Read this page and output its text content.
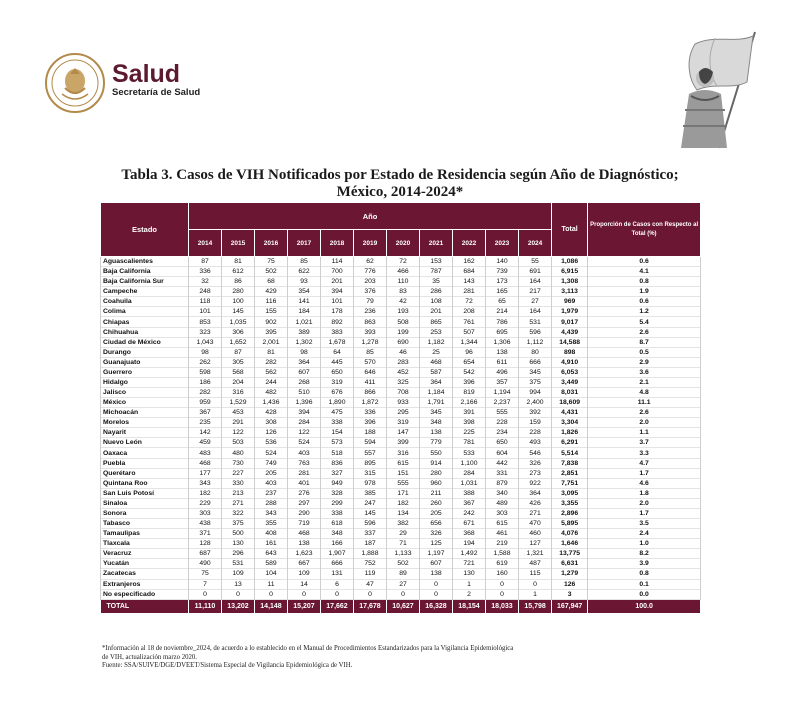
Salud
Secretaría de Salud
Tabla 3. Casos de VIH Notificados por Estado de Residencia según Año de Diagnóstico;
México, 2014-2024*
Estado	Año											Total	Proporción de Casos con Respecto al Total (%)
	2014	2015	2016	2017	2018	2019	2020	2021	2022	2023	2024		
Aguascalientes	87	81	75	85	114	62	72	153	162	140	55	1,086	0.6
Baja California	336	612	502	622	700	776	466	787	684	739	691	6,915	4.1
Baja California Sur	32	86	68	93	201	203	110	35	143	173	164	1,308	0.8
Campeche	248	280	429	354	394	376	83	286	281	165	217	3,113	1.9
Coahuila	118	100	116	141	101	79	42	108	72	65	27	969	0.6
Colima	101	145	155	184	178	236	193	201	208	214	164	1,979	1.2
Chiapas	853	1,035	902	1,021	892	863	508	865	761	786	531	9,017	5.4
Chihuahua	323	306	395	389	383	393	199	253	507	695	596	4,439	2.6
Ciudad de México	1,043	1,652	2,001	1,302	1,678	1,278	690	1,182	1,344	1,306	1,112	14,588	8.7
Durango	98	87	81	98	64	85	46	25	96	138	80	898	0.5
Guanajuato	262	305	282	364	445	570	283	468	654	611	666	4,910	2.9
Guerrero	598	568	562	607	650	646	452	587	542	496	345	6,053	3.6
Hidalgo	186	204	244	268	319	411	325	364	396	357	375	3,449	2.1
Jalisco	282	316	482	510	676	866	708	1,184	819	1,194	994	8,031	4.8
México	959	1,529	1,436	1,396	1,890	1,872	933	1,791	2,166	2,237	2,400	18,609	11.1
Michoacán	367	453	428	394	475	336	295	345	391	555	392	4,431	2.6
Morelos	235	291	308	284	338	396	319	348	398	228	159	3,304	2.0
Nayarit	142	122	126	122	154	188	147	138	225	234	228	1,826	1.1
Nuevo León	459	503	536	524	573	594	399	779	781	650	493	6,291	3.7
Oaxaca	483	480	524	403	518	557	316	550	533	604	546	5,514	3.3
Puebla	468	730	749	763	836	895	615	914	1,100	442	326	7,838	4.7
Querétaro	177	227	205	281	327	315	151	280	284	331	273	2,851	1.7
Quintana Roo	343	330	403	401	949	978	555	960	1,031	879	922	7,751	4.6
San Luis Potosí	182	213	237	276	328	385	171	211	388	340	364	3,095	1.8
Sinaloa	229	271	288	297	299	247	182	260	367	489	426	3,355	2.0
Sonora	303	322	343	290	338	145	134	205	242	303	271	2,896	1.7
Tabasco	438	375	355	719	618	596	382	656	671	615	470	5,895	3.5
Tamaulipas	371	500	408	468	348	337	29	326	368	461	460	4,076	2.4
Tlaxcala	128	130	161	138	166	187	71	125	194	219	127	1,646	1.0
Veracruz	687	296	643	1,623	1,907	1,888	1,133	1,197	1,492	1,588	1,321	13,775	8.2
Yucatán	490	531	589	667	666	752	502	607	721	619	487	6,631	3.9
Zacatecas	75	109	104	109	131	119	89	138	130	160	115	1,279	0.8
Extranjeros	7	13	11	14	6	47	27	0	1	0	0	126	0.1
No especificado	0	0	0	0	0	0	0	0	2	0	1	3	0.0
TOTAL	11,110	13,202	14,148	15,207	17,662	17,678	10,627	16,328	18,154	18,033	15,798	167,947	100.0
*Información al 18 de noviembre_2024, de acuerdo a lo establecido en el Manual de Procedimientos Estandarizados para la Vigilancia Epidemiológica
de VIH, actualización marzo 2020.
Fuente: SSA/SUIVE/DGE/DVEET/Sistema Especial de Vigilancia Epidemiológica de VIH.
